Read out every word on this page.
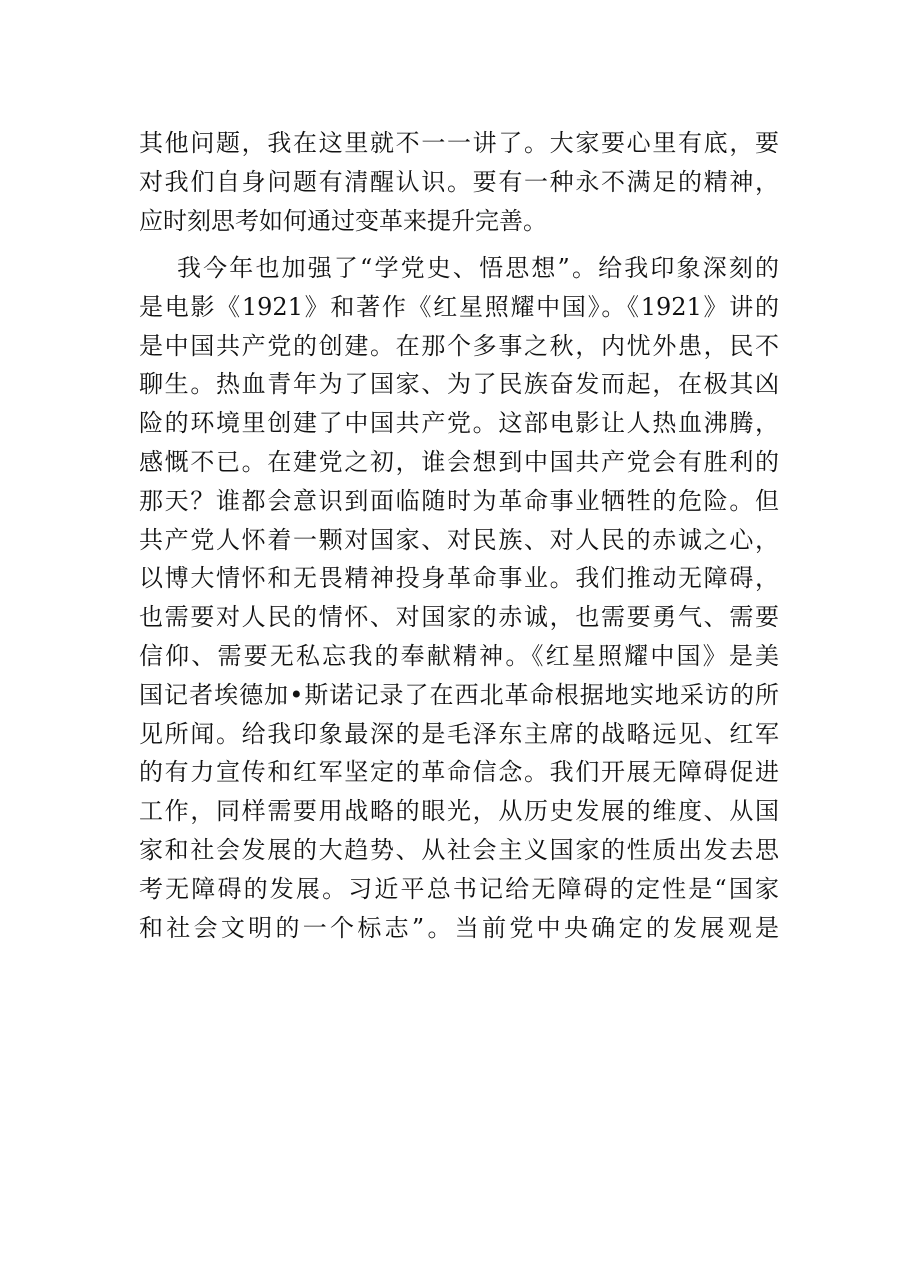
其他问题，我在这里就不一一讲了。大家要心里有底，要
对我们自身问题有清醒认识。要有一种永不满足的精神，
应时刻思考如何通过变革来提升完善。
我今年也加强了“学党史、悟思想”。给我印象深刻的
是电影《1921》和著作《红星照耀中国》。《1921》讲的
是中国共产党的创建。在那个多事之秋，内忧外患，民不
聊生。热血青年为了国家、为了民族奋发而起，在极其凶
险的环境里创建了中国共产党。这部电影让人热血沸腾，
感慨不已。在建党之初，谁会想到中国共产党会有胜利的
那天？谁都会意识到面临随时为革命事业牺牲的危险。但
共产党人怀着一颗对国家、对民族、对人民的赤诚之心，
以博大情怀和无畏精神投身革命事业。我们推动无障碍，
也需要对人民的情怀、对国家的赤诚，也需要勇气、需要
信仰、需要无私忘我的奉献精神。《红星照耀中国》是美
国记者埃德加•斯诺记录了在西北革命根据地实地采访的所
见所闻。给我印象最深的是毛泽东主席的战略远见、红军
的有力宣传和红军坚定的革命信念。我们开展无障碍促进
工作，同样需要用战略的眼光，从历史发展的维度、从国
家和社会发展的大趋势、从社会主义国家的性质出发去思
考无障碍的发展。习近平总书记给无障碍的定性是“国家
和社会文明的一个标志”。当前党中央确定的发展观是
